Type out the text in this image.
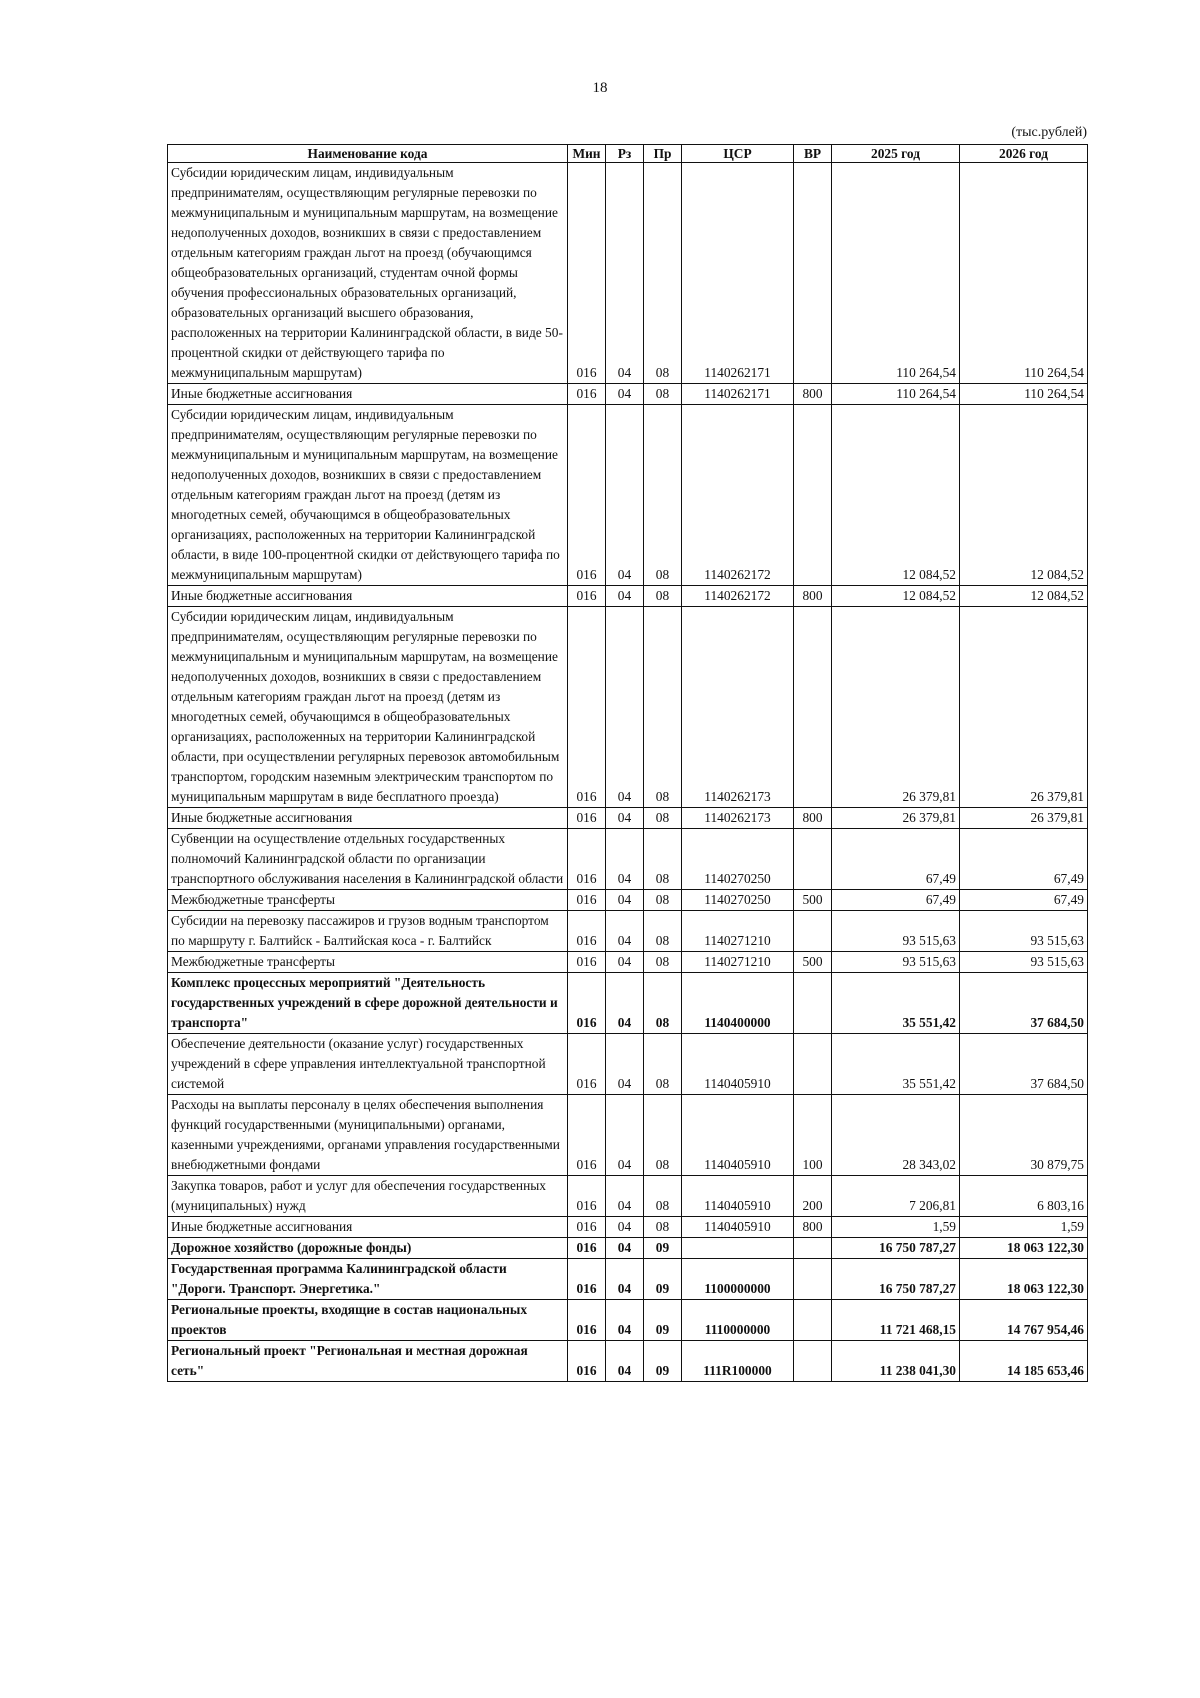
18
(тыс.рублей)
Наименование кода	Мин	Рз	Пр	ЦСР	ВР	2025 год	2026 год
Субсидии юридическим лицам, индивидуальным предпринимателям, осуществляющим регулярные перевозки по межмуниципальным и муниципальным маршрутам, на возмещение недополученных доходов, возникших в связи с предоставлением отдельным категориям граждан льгот на проезд (обучающимся общеобразовательных организаций, студентам очной формы обучения профессиональных образовательных организаций, образовательных организаций высшего образования, расположенных на территории Калининградской области, в виде 50-процентной скидки от действующего тарифа по межмуниципальным маршрутам)	016	04	08	1140262171		110 264,54	110 264,54
Иные бюджетные ассигнования	016	04	08	1140262171	800	110 264,54	110 264,54
Субсидии юридическим лицам, индивидуальным предпринимателям, осуществляющим регулярные перевозки по межмуниципальным и муниципальным маршрутам, на возмещение недополученных доходов, возникших в связи с предоставлением отдельным категориям граждан льгот на проезд (детям из многодетных семей, обучающимся в общеобразовательных организациях, расположенных на территории Калининградской области, в виде 100-процентной скидки от действующего тарифа по межмуниципальным маршрутам)	016	04	08	1140262172		12 084,52	12 084,52
Иные бюджетные ассигнования	016	04	08	1140262172	800	12 084,52	12 084,52
Субсидии юридическим лицам, индивидуальным предпринимателям, осуществляющим регулярные перевозки по межмуниципальным и муниципальным маршрутам, на возмещение недополученных доходов, возникших в связи с предоставлением отдельным категориям граждан льгот на проезд (детям из многодетных семей, обучающимся в общеобразовательных организациях, расположенных на территории Калининградской области, при осуществлении регулярных перевозок автомобильным транспортом, городским наземным электрическим транспортом по муниципальным маршрутам в виде бесплатного проезда)	016	04	08	1140262173		26 379,81	26 379,81
Иные бюджетные ассигнования	016	04	08	1140262173	800	26 379,81	26 379,81
Субвенции на осуществление отдельных государственных полномочий Калининградской области по организации транспортного обслуживания населения в Калининградской области	016	04	08	1140270250		67,49	67,49
Межбюджетные трансферты	016	04	08	1140270250	500	67,49	67,49
Субсидии на перевозку пассажиров и грузов водным транспортом по маршруту г. Балтийск - Балтийская коса - г. Балтийск	016	04	08	1140271210		93 515,63	93 515,63
Межбюджетные трансферты	016	04	08	1140271210	500	93 515,63	93 515,63
Комплекс процессных мероприятий "Деятельность государственных учреждений в сфере дорожной деятельности и транспорта"	016	04	08	1140400000		35 551,42	37 684,50
Обеспечение деятельности (оказание услуг) государственных учреждений в сфере управления интеллектуальной транспортной системой	016	04	08	1140405910		35 551,42	37 684,50
Расходы на выплаты персоналу в целях обеспечения выполнения функций государственными (муниципальными) органами, казенными учреждениями, органами управления государственными внебюджетными фондами	016	04	08	1140405910	100	28 343,02	30 879,75
Закупка товаров, работ и услуг для обеспечения государственных (муниципальных) нужд	016	04	08	1140405910	200	7 206,81	6 803,16
Иные бюджетные ассигнования	016	04	08	1140405910	800	1,59	1,59
Дорожное хозяйство (дорожные фонды)	016	04	09			16 750 787,27	18 063 122,30
Государственная программа Калининградской области "Дороги. Транспорт. Энергетика."	016	04	09	1100000000		16 750 787,27	18 063 122,30
Региональные проекты, входящие в состав национальных проектов	016	04	09	1110000000		11 721 468,15	14 767 954,46
Региональный проект "Региональная и местная дорожная сеть"	016	04	09	111R100000		11 238 041,30	14 185 653,46
